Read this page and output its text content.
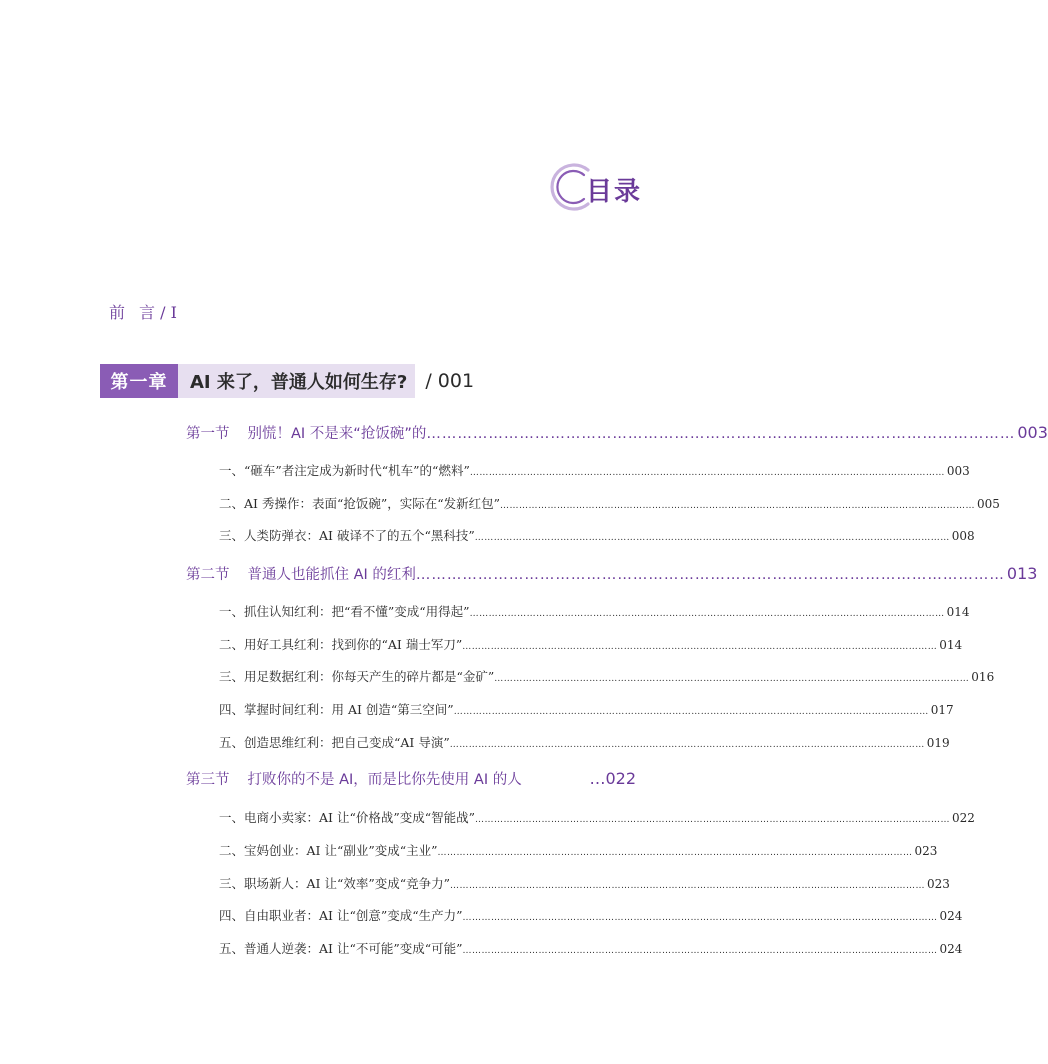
目录
前 言 / I
第一章	AI 来了，普通人如何生存? / 001
第一节 别慌！AI 不是来“抢饭碗”的 …………………………………………………………………………………………………… 003
一、“砸车”者注定成为新时代“机车”的“燃料” …………………………………………………………………………………………………………………………………… 003
二、AI 秀操作：表面“抢饭碗”，实际在“发新红包” …………………………………………………………………………………………………………………………………… 005
三、人类防弹衣：AI 破译不了的五个“黑科技” …………………………………………………………………………………………………………………………………… 008
第二节 普通人也能抓住 AI 的红利 …………………………………………………………………………………………………… 013
一、抓住认知红利：把“看不懂”变成“用得起” …………………………………………………………………………………………………………………………………… 014
二、用好工具红利：找到你的“AI 瑞士军刀” …………………………………………………………………………………………………………………………………… 014
三、用足数据红利：你每天产生的碎片都是“金矿” …………………………………………………………………………………………………………………………………… 016
四、掌握时间红利：用 AI 创造“第三空间” …………………………………………………………………………………………………………………………………… 017
五、创造思维红利：把自己变成“AI 导演” …………………………………………………………………………………………………………………………………… 019
第三节 打败你的不是 AI，而是比你先使用 AI 的人	…022
一、电商小卖家：AI 让“价格战”变成“智能战” …………………………………………………………………………………………………………………………………… 022
二、宝妈创业：AI 让“副业”变成“主业” …………………………………………………………………………………………………………………………………… 023
三、职场新人：AI 让“效率”变成“竞争力” …………………………………………………………………………………………………………………………………… 023
四、自由职业者：AI 让“创意”变成“生产力” …………………………………………………………………………………………………………………………………… 024
五、普通人逆袭：AI 让“不可能”变成“可能” …………………………………………………………………………………………………………………………………… 024
